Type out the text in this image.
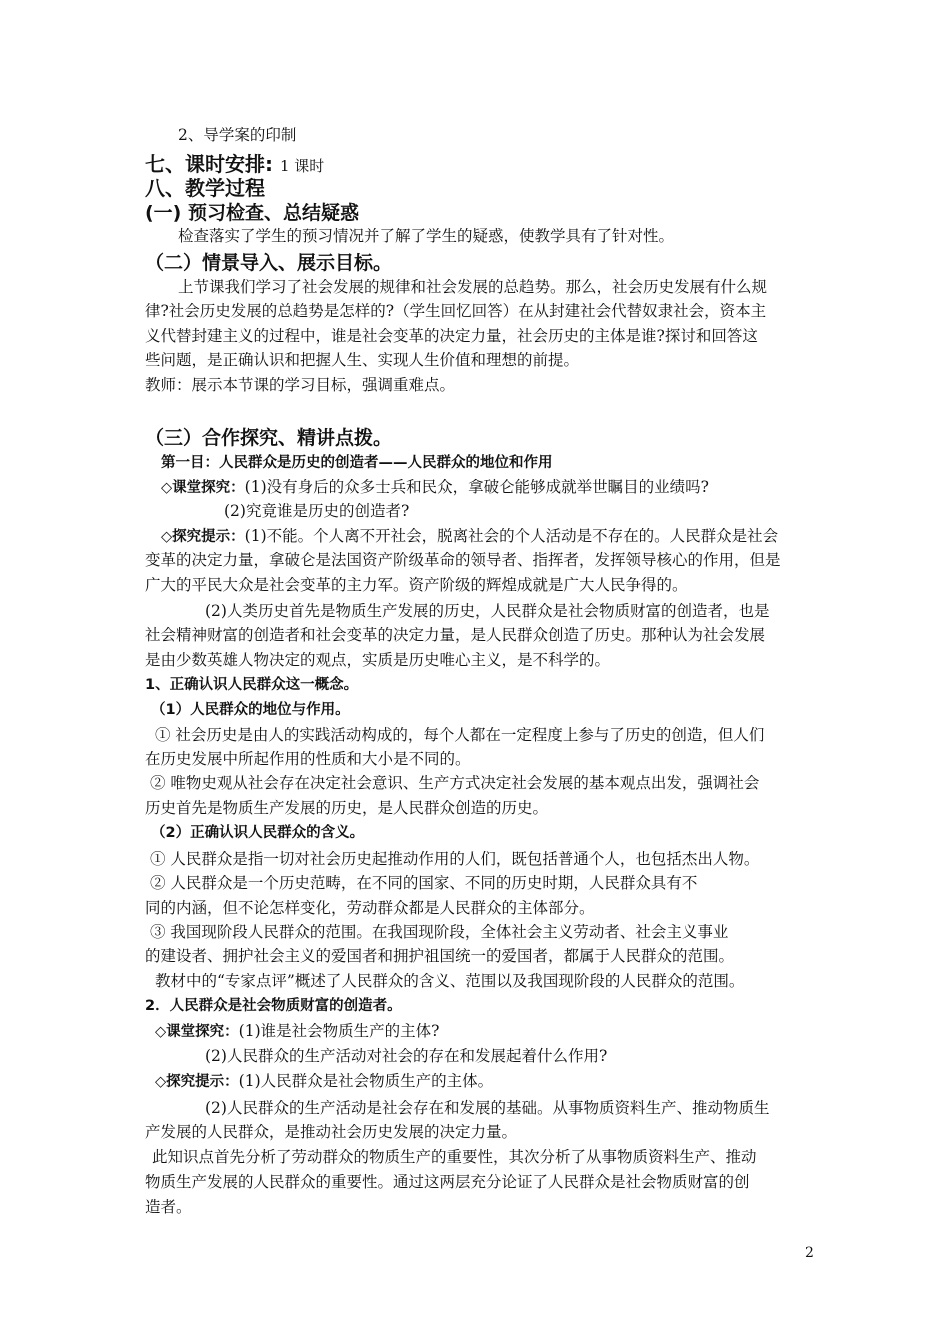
2、导学案的印制
七、课时安排: 1 课时
八、教学过程
(一) 预习检查、总结疑惑
检查落实了学生的预习情况并了解了学生的疑惑，使教学具有了针对性。
（二）情景导入、展示目标。
上节课我们学习了社会发展的规律和社会发展的总趋势。那么，社会历史发展有什么规
律?社会历史发展的总趋势是怎样的?（学生回忆回答）在从封建社会代替奴隶社会，资本主
义代替封建主义的过程中，谁是社会变革的决定力量，社会历史的主体是谁?探讨和回答这
些问题，是正确认识和把握人生、实现人生价值和理想的前提。
教师：展示本节课的学习目标，强调重难点。
（三）合作探究、精讲点拨。
第一目：人民群众是历史的创造者——人民群众的地位和作用
◇课堂探究：(1)没有身后的众多士兵和民众，拿破仑能够成就举世瞩目的业绩吗?
(2)究竟谁是历史的创造者?
◇探究提示：(1)不能。个人离不开社会，脱离社会的个人活动是不存在的。人民群众是社会
变革的决定力量，拿破仑是法国资产阶级革命的领导者、指挥者，发挥领导核心的作用，但是
广大的平民大众是社会变革的主力军。资产阶级的辉煌成就是广大人民争得的。
(2)人类历史首先是物质生产发展的历史，人民群众是社会物质财富的创造者，也是
社会精神财富的创造者和社会变革的决定力量，是人民群众创造了历史。那种认为社会发展
是由少数英雄人物决定的观点，实质是历史唯心主义，是不科学的。
1、正确认识人民群众这一概念。
（1）人民群众的地位与作用。
① 社会历史是由人的实践活动构成的，每个人都在一定程度上参与了历史的创造，但人们
在历史发展中所起作用的性质和大小是不同的。
② 唯物史观从社会存在决定社会意识、生产方式决定社会发展的基本观点出发，强调社会
历史首先是物质生产发展的历史，是人民群众创造的历史。
（2）正确认识人民群众的含义。
① 人民群众是指一切对社会历史起推动作用的人们，既包括普通个人，也包括杰出人物。
② 人民群众是一个历史范畴，在不同的国家、不同的历史时期，人民群众具有不
同的内涵，但不论怎样变化，劳动群众都是人民群众的主体部分。
③ 我国现阶段人民群众的范围。在我国现阶段，全体社会主义劳动者、社会主义事业
的建设者、拥护社会主义的爱国者和拥护祖国统一的爱国者，都属于人民群众的范围。
教材中的“专家点评”概述了人民群众的含义、范围以及我国现阶段的人民群众的范围。
2．人民群众是社会物质财富的创造者。
◇课堂探究：(1)谁是社会物质生产的主体?
(2)人民群众的生产活动对社会的存在和发展起着什么作用?
◇探究提示：(1)人民群众是社会物质生产的主体。
(2)人民群众的生产活动是社会存在和发展的基础。从事物质资料生产、推动物质生
产发展的人民群众，是推动社会历史发展的决定力量。
此知识点首先分析了劳动群众的物质生产的重要性，其次分析了从事物质资料生产、推动
物质生产发展的人民群众的重要性。通过这两层充分论证了人民群众是社会物质财富的创
造者。
2
